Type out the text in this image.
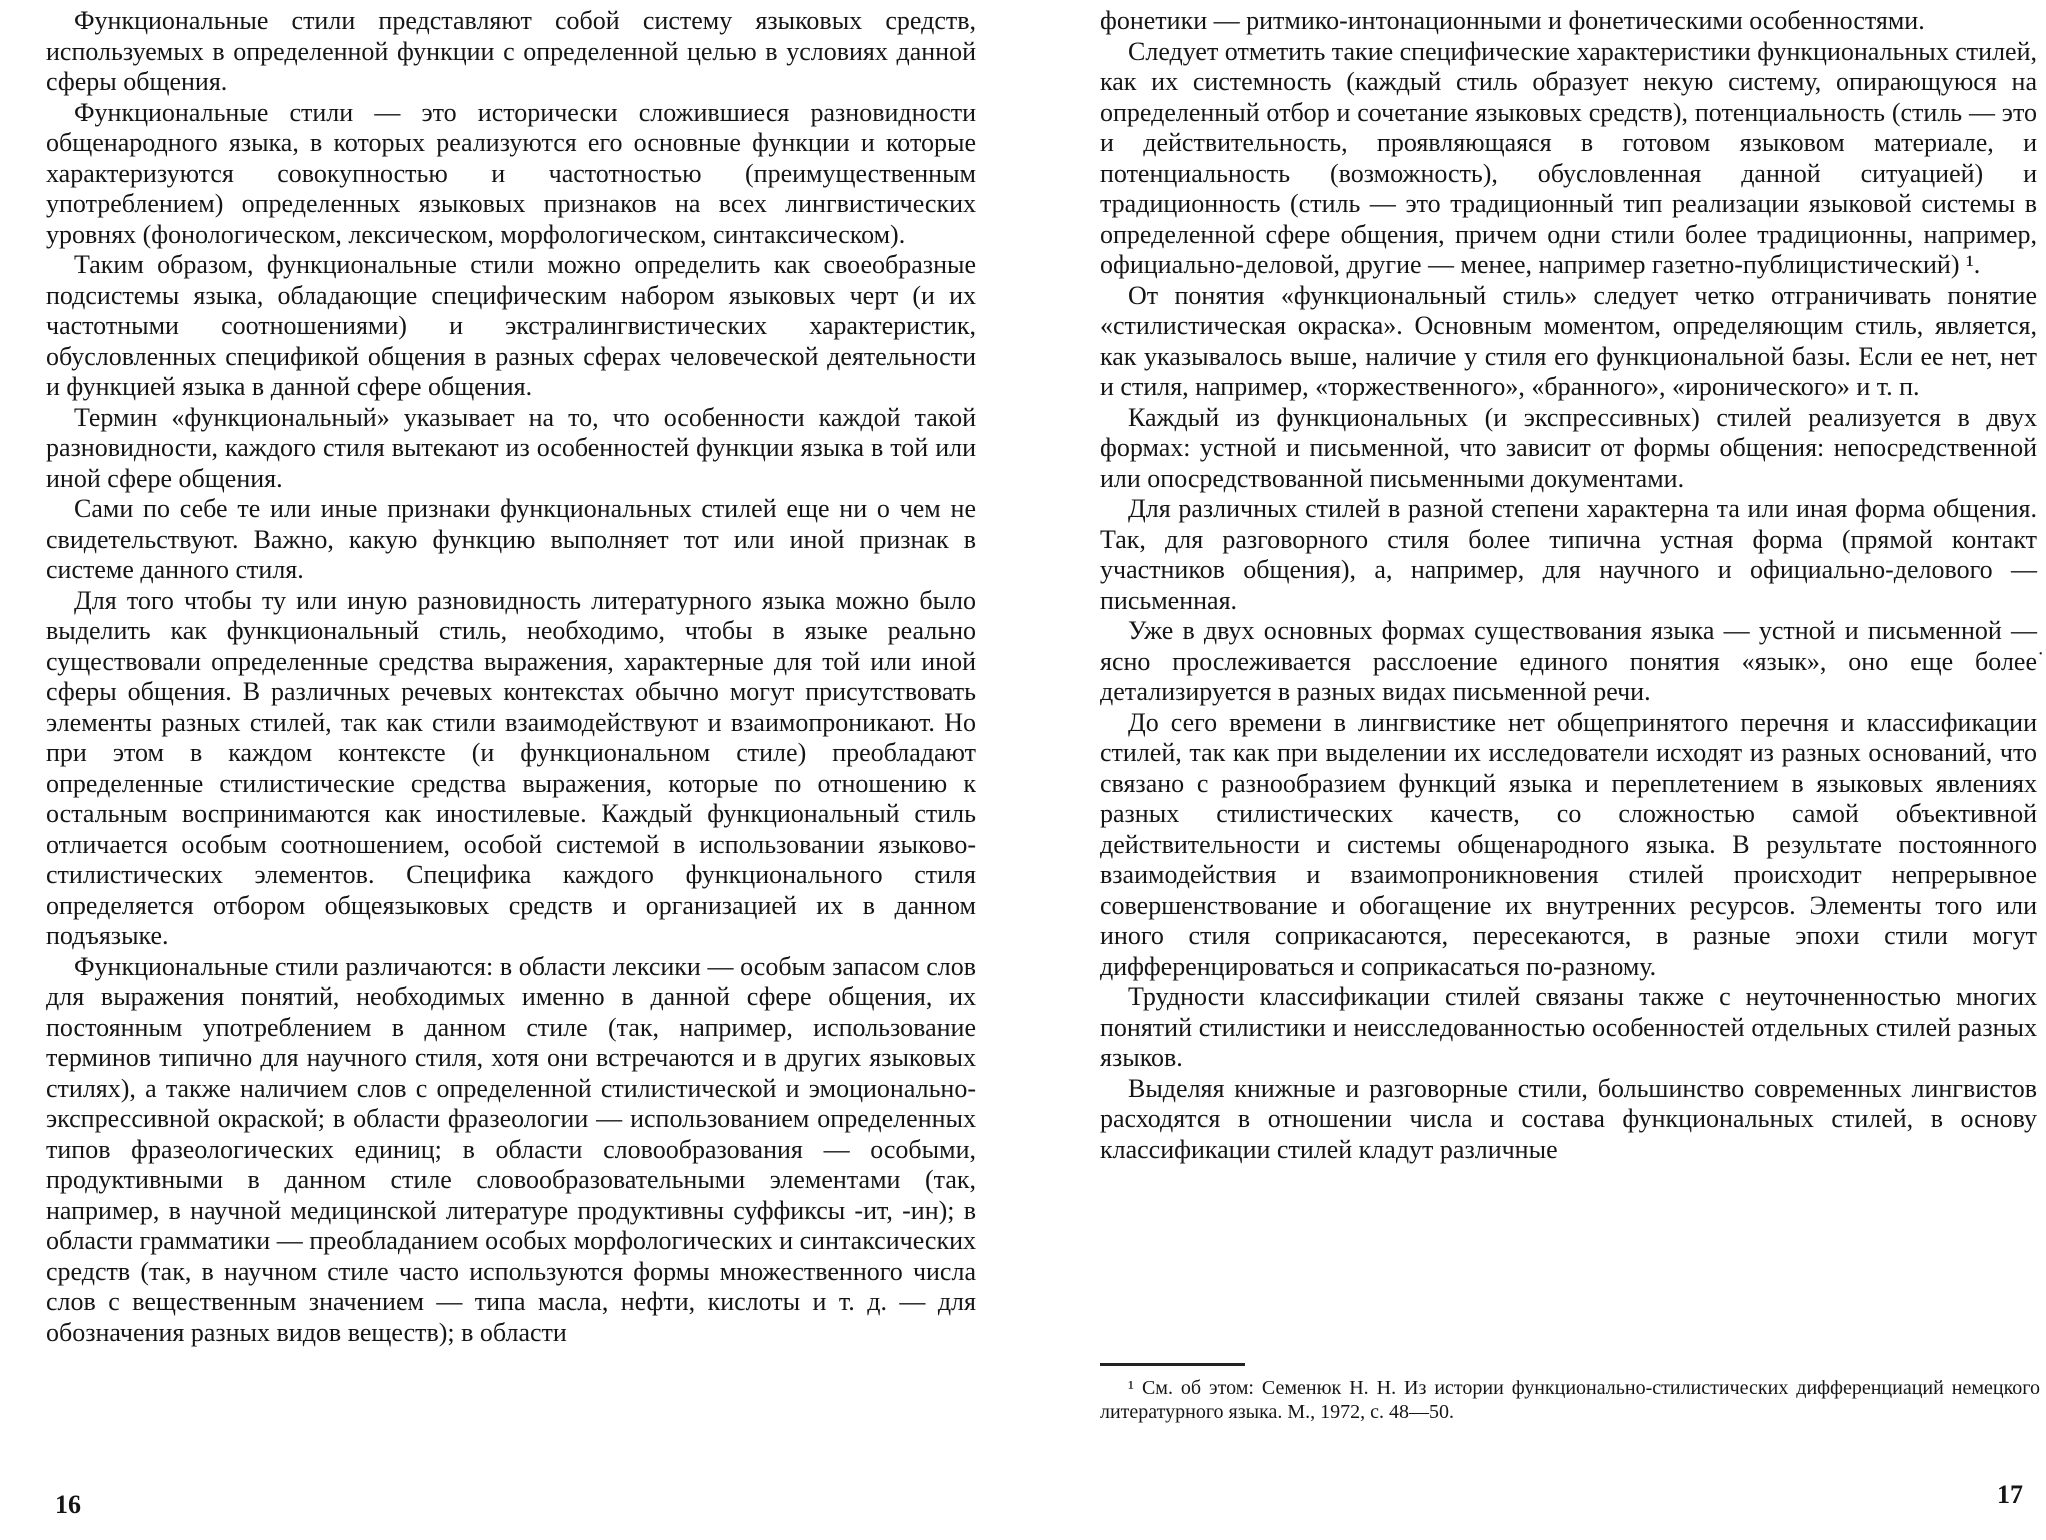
Функциональные стили представляют собой систему языковых средств, используемых в определенной функции с определенной целью в условиях данной сферы общения.

Функциональные стили — это исторически сложившиеся разновидности общенародного языка, в которых реализуются его основные функции и которые характеризуются совокупностью и частотностью (преимущественным употреблением) определенных языковых признаков на всех лингвистических уровнях (фонологическом, лексическом, морфологическом, синтаксическом).

Таким образом, функциональные стили можно определить как своеобразные подсистемы языка, обладающие специфическим набором языковых черт (и их частотными соотношениями) и экстралингвистических характеристик, обусловленных спецификой общения в разных сферах человеческой деятельности и функцией языка в данной сфере общения.

Термин «функциональный» указывает на то, что особенности каждой такой разновидности, каждого стиля вытекают из особенностей функции языка в той или иной сфере общения.

Сами по себе те или иные признаки функциональных стилей еще ни о чем не свидетельствуют. Важно, какую функцию выполняет тот или иной признак в системе данного стиля.

Для того чтобы ту или иную разновидность литературного языка можно было выделить как функциональный стиль, необходимо, чтобы в языке реально существовали определенные средства выражения, характерные для той или иной сферы общения. В различных речевых контекстах обычно могут присутствовать элементы разных стилей, так как стили взаимодействуют и взаимопроникают. Но при этом в каждом контексте (и функциональном стиле) преобладают определенные стилистические средства выражения, которые по отношению к остальным воспринимаются как иностилевые. Каждый функциональный стиль отличается особым соотношением, особой системой в использовании языково-стилистических элементов. Специфика каждого функционального стиля определяется отбором общеязыковых средств и организацией их в данном подъязыке.

Функциональные стили различаются: в области лексики — особым запасом слов для выражения понятий, необходимых именно в данной сфере общения, их постоянным употреблением в данном стиле (так, например, использование терминов типично для научного стиля, хотя они встречаются и в других языковых стилях), а также наличием слов с определенной стилистической и эмоционально-экспрессивной окраской; в области фразеологии — использованием определенных типов фразеологических единиц; в области словообразования — особыми, продуктивными в данном стиле словообразовательными элементами (так, например, в научной медицинской литературе продуктивны суффиксы -ит, -ин); в области грамматики — преобладанием особых морфологических и синтаксических средств (так, в научном стиле часто используются формы множественного числа слов с вещественным значением — типа масла, нефти, кислоты и т. д. — для обозначения разных видов веществ); в области

16

фонетики — ритмико-интонационными и фонетическими особенностями.

Следует отметить такие специфические характеристики функциональных стилей, как их системность (каждый стиль образует некую систему, опирающуюся на определенный отбор и сочетание языковых средств), потенциальность (стиль — это и действительность, проявляющаяся в готовом языковом материале, и потенциальность (возможность), обусловленная данной ситуацией) и традиционность (стиль — это традиционный тип реализации языковой системы в определенной сфере общения, причем одни стили более традиционны, например, официально-деловой, другие — менее, например газетно-публицистический) ¹.

От понятия «функциональный стиль» следует четко отграничивать понятие «стилистическая окраска». Основным моментом, определяющим стиль, является, как указывалось выше, наличие у стиля его функциональной базы. Если ее нет, нет и стиля, например, «торжественного», «бранного», «иронического» и т. п.

Каждый из функциональных (и экспрессивных) стилей реализуется в двух формах: устной и письменной, что зависит от формы общения: непосредственной или опосредствованной письменными документами.

Для различных стилей в разной степени характерна та или иная форма общения. Так, для разговорного стиля более типична устная форма (прямой контакт участников общения), а, например, для научного и официально-делового — письменная.

Уже в двух основных формах существования языка — устной и письменной — ясно прослеживается расслоение единого понятия «язык», оно еще более детализируется в разных видах письменной речи.

До сего времени в лингвистике нет общепринятого перечня и классификации стилей, так как при выделении их исследователи исходят из разных оснований, что связано с разнообразием функций языка и переплетением в языковых явлениях разных стилистических качеств, со сложностью самой объективной действительности и системы общенародного языка. В результате постоянного взаимодействия и взаимопроникновения стилей происходит непрерывное совершенствование и обогащение их внутренних ресурсов. Элементы того или иного стиля соприкасаются, пересекаются, в разные эпохи стили могут дифференцироваться и соприкасаться по-разному.

Трудности классификации стилей связаны также с неуточненностью многих понятий стилистики и неисследованностью особенностей отдельных стилей разных языков.

Выделяя книжные и разговорные стили, большинство современных лингвистов расходятся в отношении числа и состава функциональных стилей, в основу классификации стилей кладут различные

¹ См. об этом: Семенюк Н. Н. Из истории функционально-стилистических дифференциаций немецкого литературного языка. М., 1972, с. 48—50.

·
17
